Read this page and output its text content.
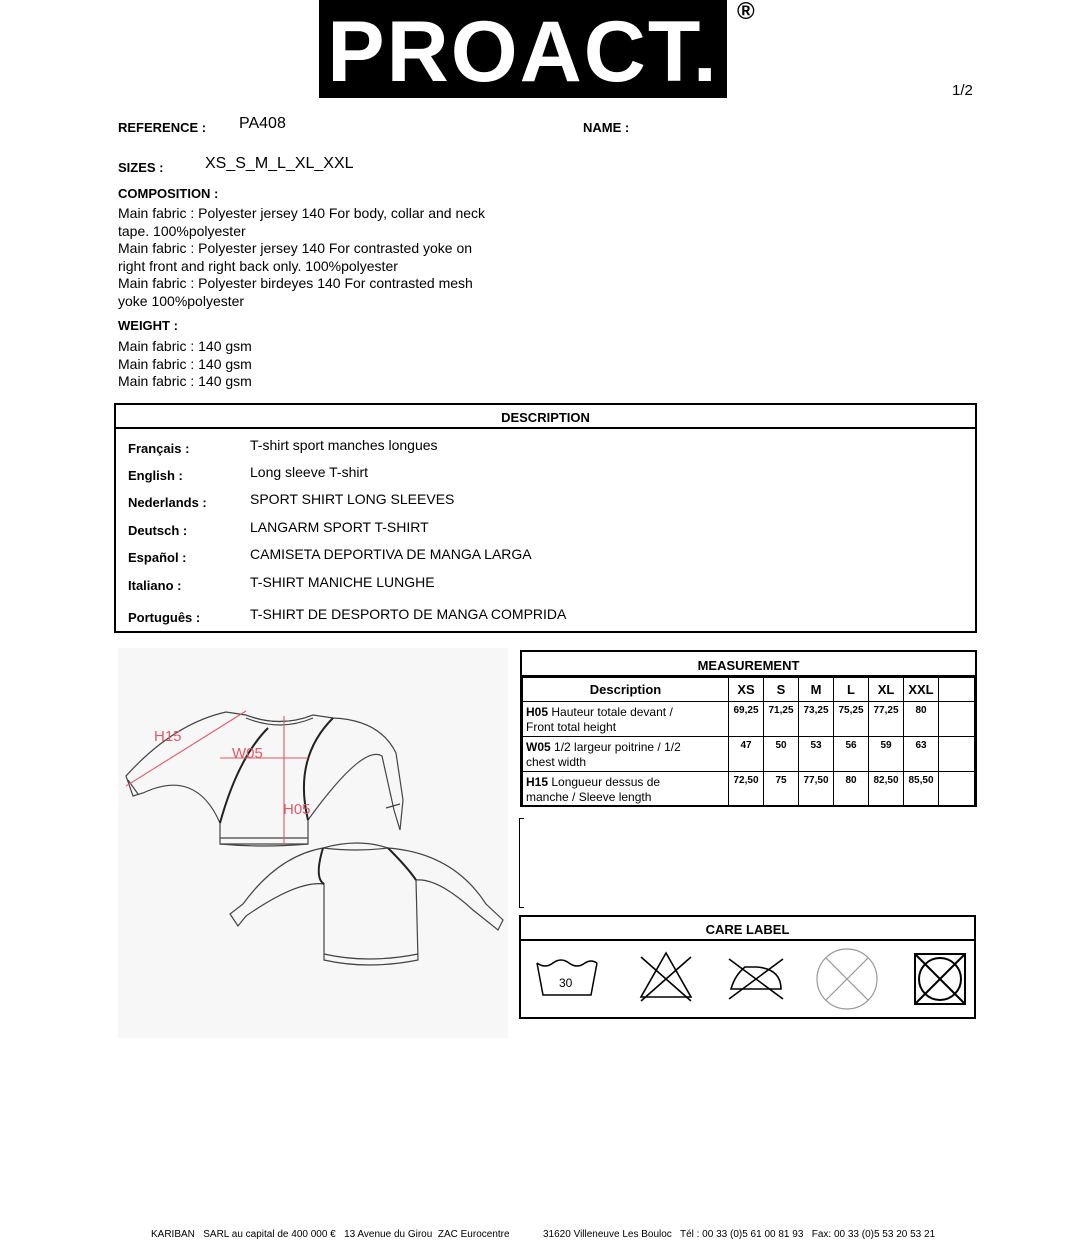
PROACT. ®
1/2
REFERENCE : PA408	NAME :
SIZES :	XS_S_M_L_XL_XXL
COMPOSITION :
Main fabric : Polyester jersey 140 For body, collar and neck
tape. 100%polyester
Main fabric : Polyester jersey 140 For contrasted yoke on
right front and right back only. 100%polyester
Main fabric : Polyester birdeyes 140 For contrasted mesh
yoke 100%polyester
WEIGHT :
Main fabric : 140 gsm
Main fabric : 140 gsm
Main fabric : 140 gsm
DESCRIPTION
Français :	T-shirt sport manches longues
English :	Long sleeve T-shirt
Nederlands :	SPORT SHIRT LONG SLEEVES
Deutsch :	LANGARM SPORT T-SHIRT
Español :	CAMISETA DEPORTIVA DE MANGA LARGA
Italiano :	T-SHIRT MANICHE LUNGHE
Português :	T-SHIRT DE DESPORTO DE MANGA COMPRIDA
H15
W05
H05
MEASUREMENT
Description	XS	S	M	L	XL	XXL	
H05 Hauteur totale devant /
Front total height	69,25	71,25	73,25	75,25	77,25	80	
W05 1/2 largeur poitrine / 1/2
chest width	47	50	53	56	59	63	
H15 Longueur dessus de
manche / Sleeve length	72,50	75	77,50	80	82,50	85,50	
CARE LABEL
30
KARIBAN   SARL au capital de 400 000 €   13 Avenue du Girou  ZAC Eurocentre	31620 Villeneuve Les Bouloc   Tél : 00 33 (0)5 61 00 81 93   Fax: 00 33 (0)5 53 20 53 21
